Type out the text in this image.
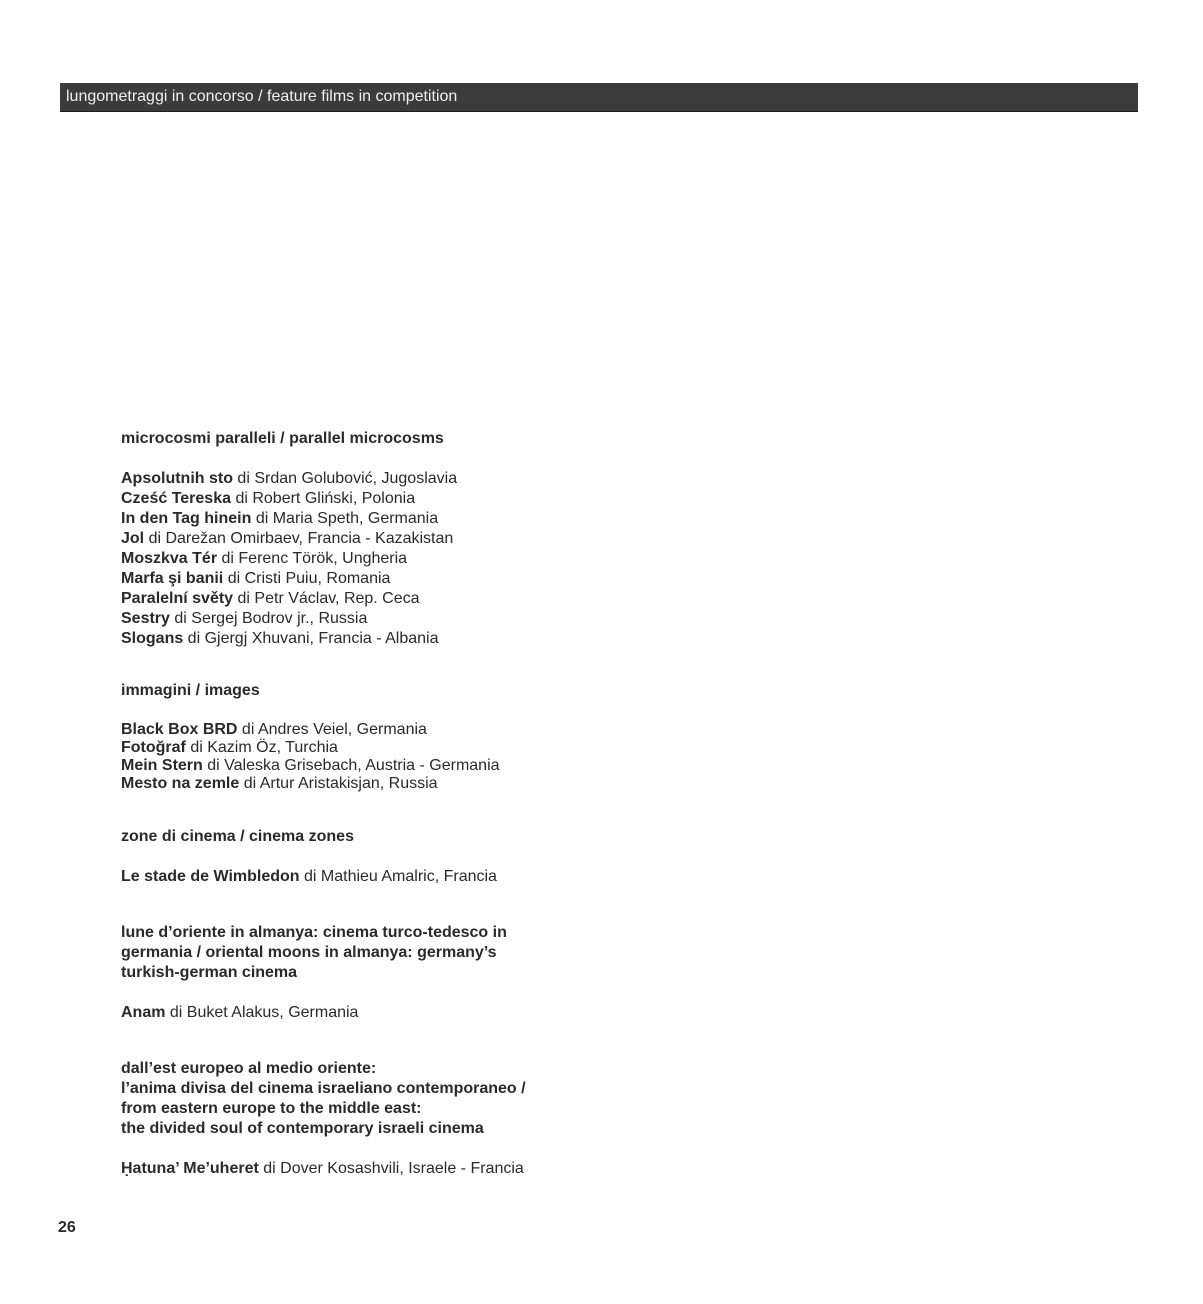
lungometraggi in concorso / feature films in competition

microcosmi paralleli / parallel microcosms

Apsolutnih sto di Srdan Golubović, Jugoslavia
Cześć Tereska di Robert Gliński, Polonia
In den Tag hinein di Maria Speth, Germania
Jol di Darežan Omirbaev, Francia - Kazakistan
Moszkva Tér di Ferenc Török, Ungheria
Marfa şi banii di Cristi Puiu, Romania
Paralelní světy di Petr Václav, Rep. Ceca
Sestry di Sergej Bodrov jr., Russia
Slogans di Gjergj Xhuvani, Francia - Albania

immagini / images

Black Box BRD di Andres Veiel, Germania
Fotoğraf di Kazim Öz, Turchia
Mein Stern di Valeska Grisebach, Austria - Germania
Mesto na zemle di Artur Aristakisjan, Russia

zone di cinema / cinema zones

Le stade de Wimbledon di Mathieu Amalric, Francia

lune d’oriente in almanya: cinema turco-tedesco in

germania / oriental moons in almanya: germany’s

turkish-german cinema

Anam di Buket Alakus, Germania

dall’est europeo al medio oriente:

l’anima divisa del cinema israeliano contemporaneo /

from eastern europe to the middle east:

the divided soul of contemporary israeli cinema

Ḥatuna’ Me’uheret di Dover Kosashvili, Israele - Francia
26
